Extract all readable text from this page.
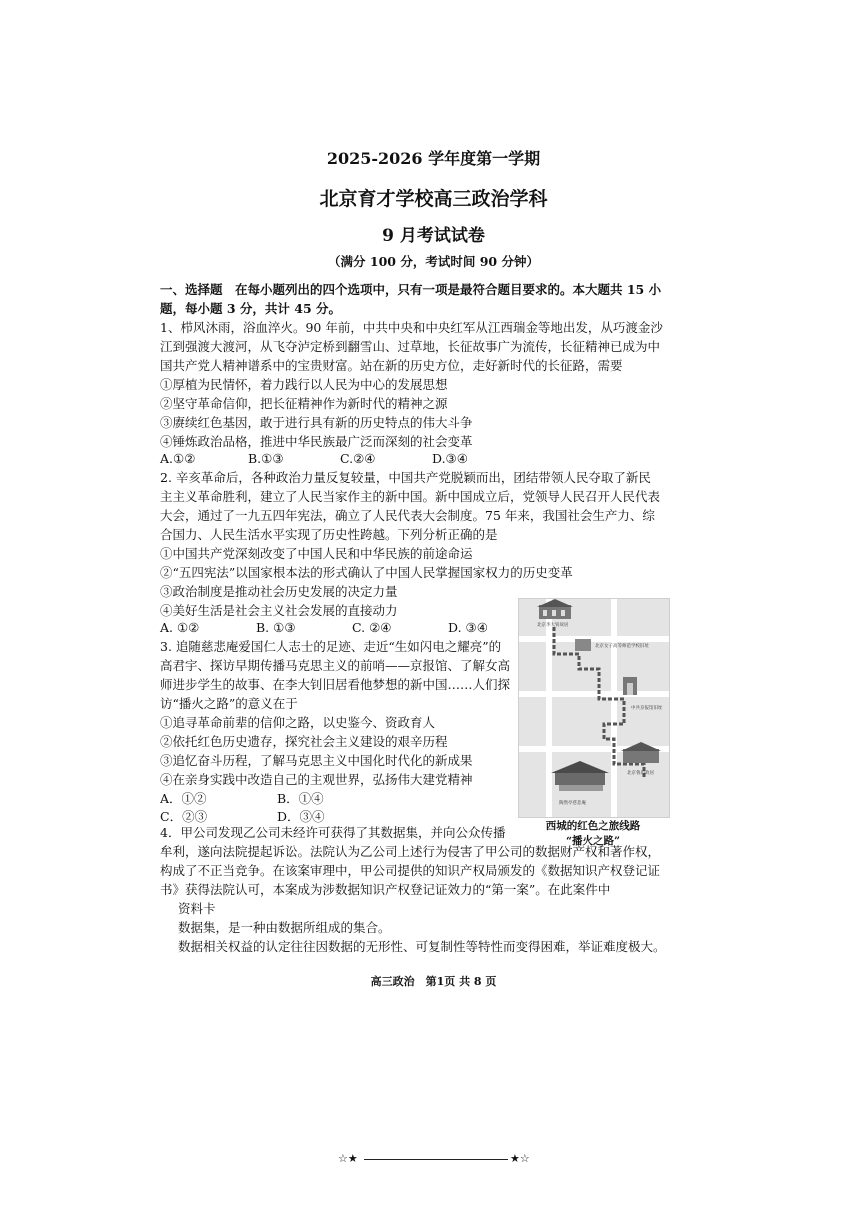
2025-2026 学年度第一学期
北京育才学校高三政治学科
9 月考试试卷
（满分 100 分，考试时间 90 分钟）
一、选择题　在每小题列出的四个选项中，只有一项是最符合题目要求的。本大题共 15 小
题，每小题 3 分，共计 45 分。
1、栉风沐雨，浴血淬火。90 年前，中共中央和中央红军从江西瑞金等地出发，从巧渡金沙
江到强渡大渡河，从飞夺泸定桥到翻雪山、过草地，长征故事广为流传，长征精神已成为中
国共产党人精神谱系中的宝贵财富。站在新的历史方位，走好新时代的长征路，需要
①厚植为民情怀，着力践行以人民为中心的发展思想
②坚守革命信仰，把长征精神作为新时代的精神之源
③赓续红色基因，敢于进行具有新的历史特点的伟大斗争
④锤炼政治品格，推进中华民族最广泛而深刻的社会变革
A.①②	B.①③	C.②④	D.③④
2. 辛亥革命后，各种政治力量反复较量，中国共产党脱颖而出，团结带领人民夺取了新民
主主义革命胜利，建立了人民当家作主的新中国。新中国成立后，党领导人民召开人民代表
大会，通过了一九五四年宪法，确立了人民代表大会制度。75 年来，我国社会生产力、综
合国力、人民生活水平实现了历史性跨越。下列分析正确的是
①中国共产党深刻改变了中国人民和中华民族的前途命运
②“五四宪法”以国家根本法的形式确认了中国人民掌握国家权力的历史变革
③政治制度是推动社会历史发展的决定力量
④美好生活是社会主义社会发展的直接动力
A. ①②	B. ①③	C. ②④	D. ③④
3. 追随慈悲庵爱国仁人志士的足迹、走近“生如闪电之耀亮”的
高君宇、探访早期传播马克思主义的前哨——京报馆、了解女高
师进步学生的故事、在李大钊旧居看他梦想的新中国……人们探
访“播火之路”的意义在于
①追寻革命前辈的信仰之路，以史鉴今、资政育人
②依托红色历史遗存，探究社会主义建设的艰辛历程
③追忆奋斗历程，了解马克思主义中国化时代化的新成果
④在亲身实践中改造自己的主观世界，弘扬伟大建党精神
A．①②	B．①④
C．②③	D．③④
北京李大钊故居
北京女子高等师范学校旧址
中共京报馆旧址
北京鲁迅故居
陶然亭慈悲庵
西城的红色之旅线路
“播火之路”
4．甲公司发现乙公司未经许可获得了其数据集，并向公众传播
牟利，遂向法院提起诉讼。法院认为乙公司上述行为侵害了甲公司的数据财产权和著作权，
构成了不正当竞争。在该案审理中，甲公司提供的知识产权局颁发的《数据知识产权登记证
书》获得法院认可，本案成为涉数据知识产权登记证效力的“第一案”。在此案件中
资料卡
数据集，是一种由数据所组成的集合。
数据相关权益的认定往往因数据的无形性、可复制性等特性而变得困难，举证难度极大。
高三政治　第1页 共 8 页
☆★	★☆
